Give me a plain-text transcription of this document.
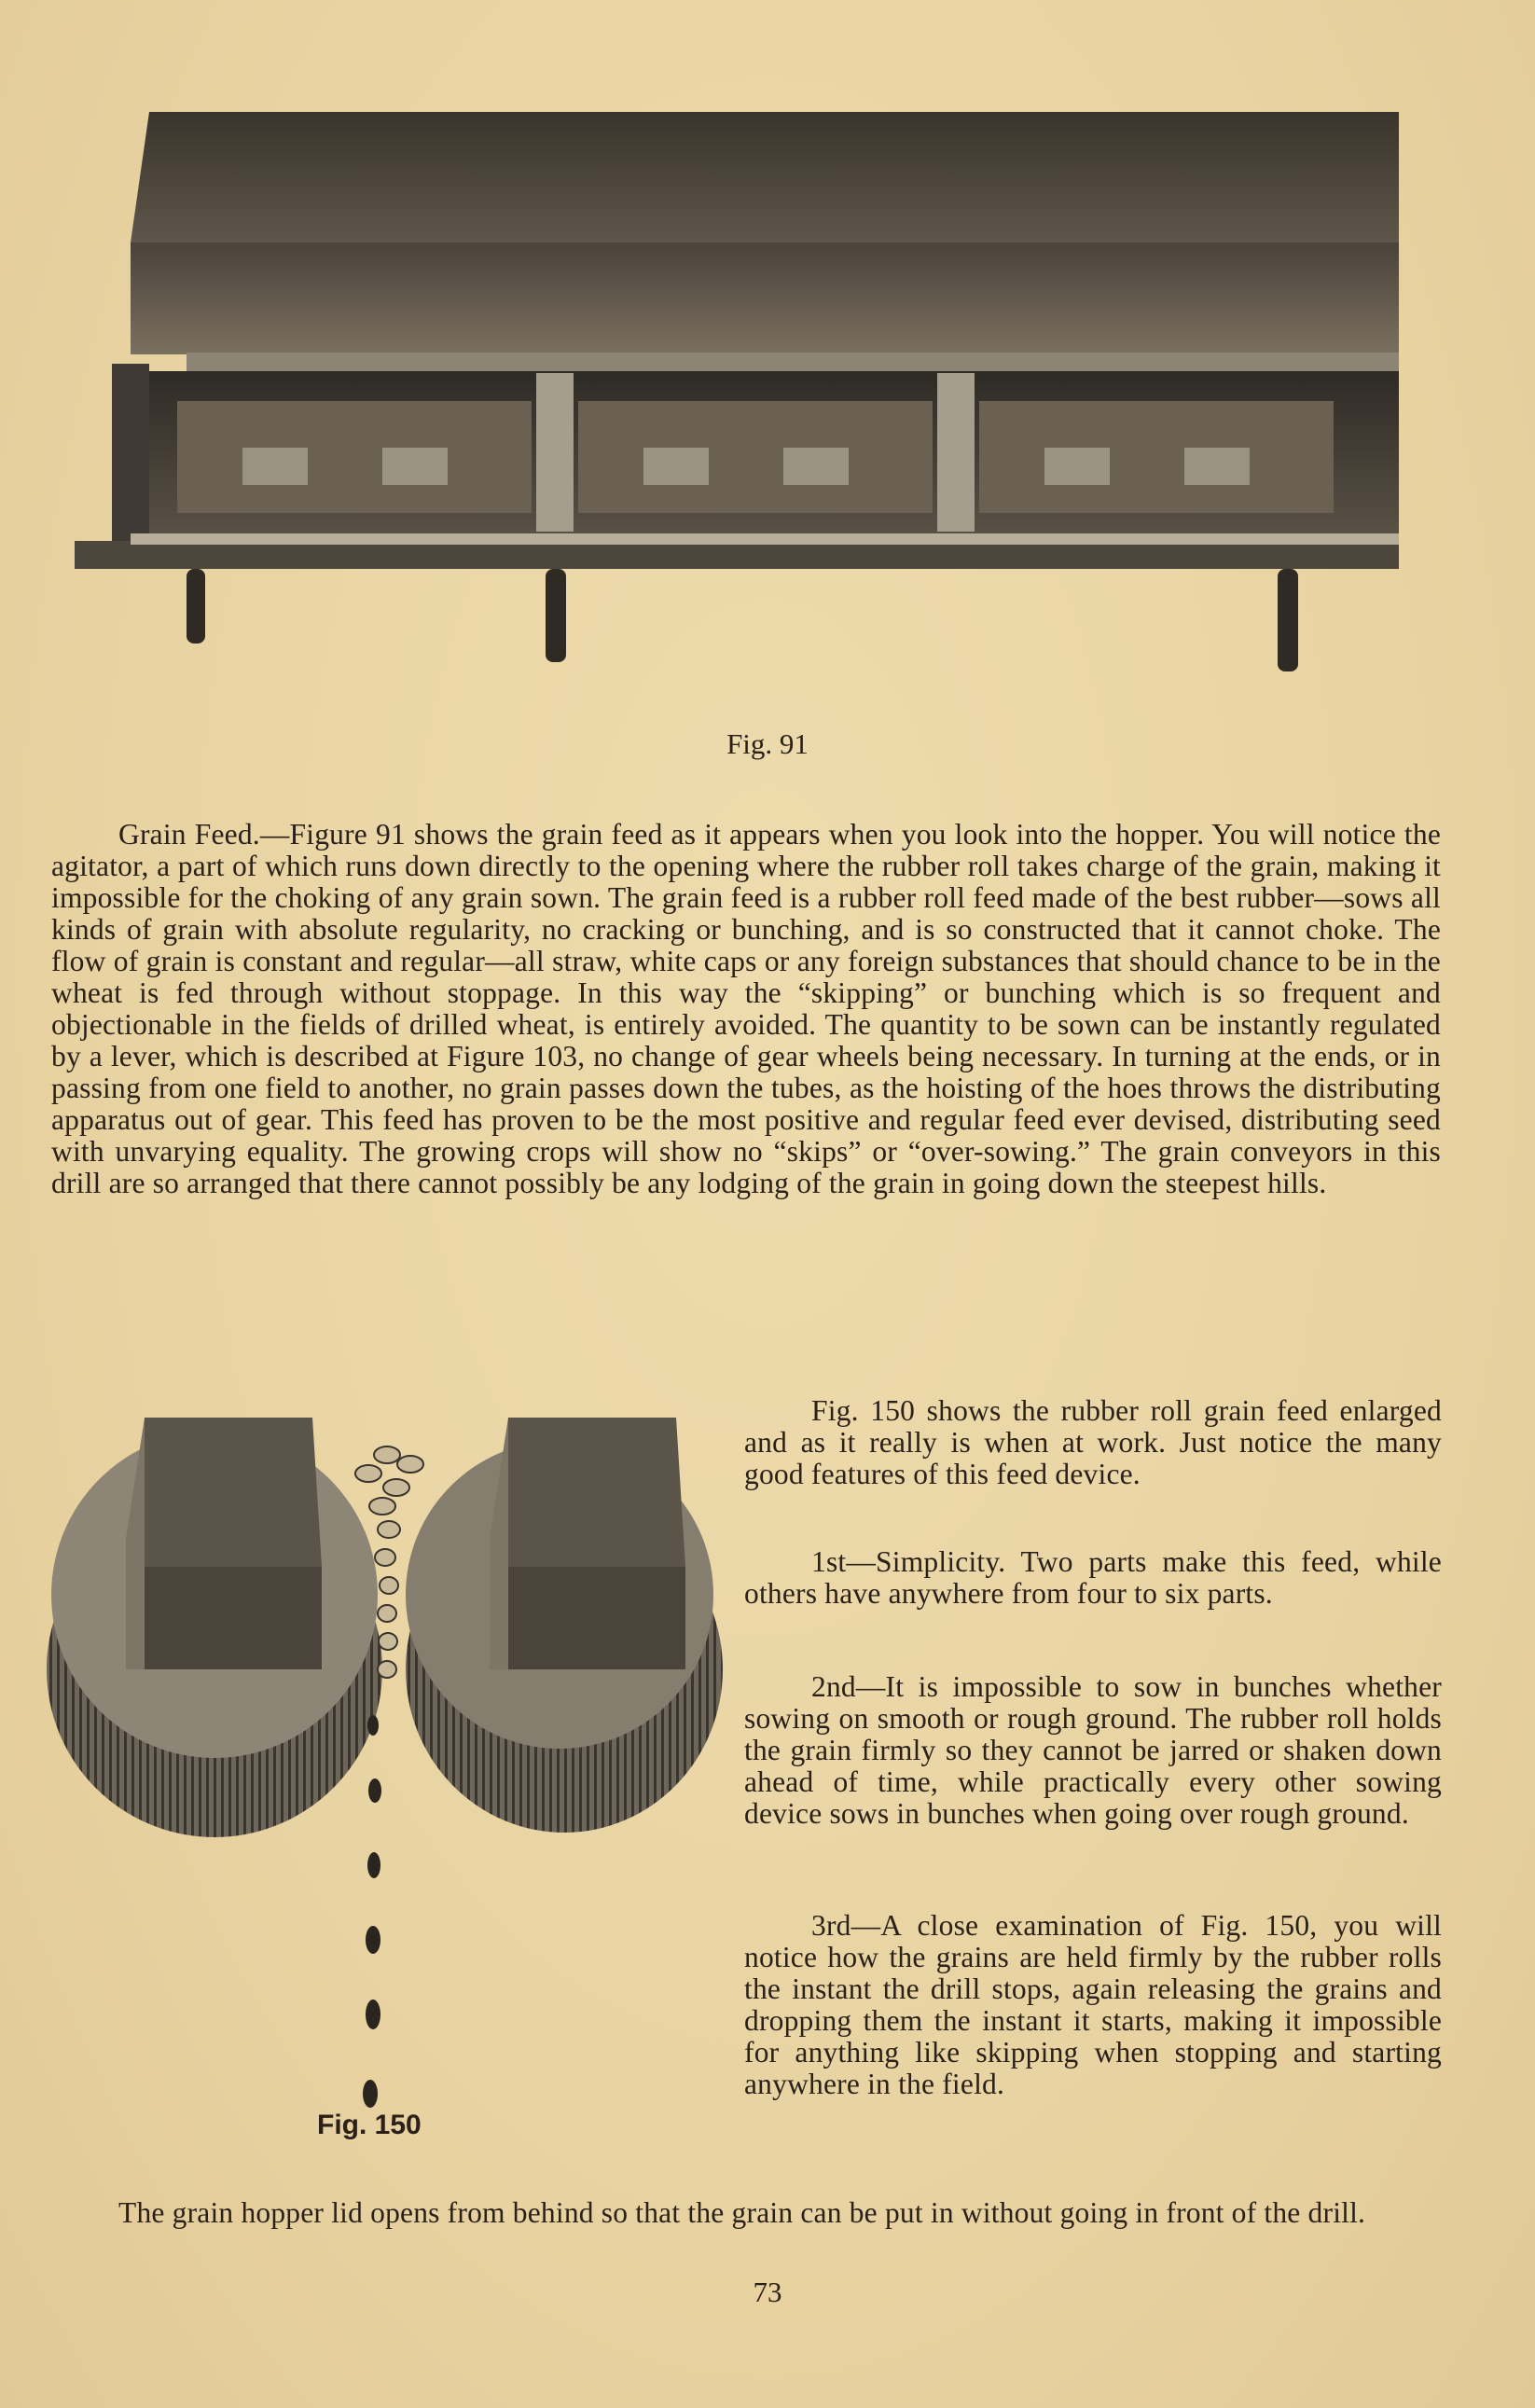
Fig. 91

Grain Feed.—Figure 91 shows the grain feed as it appears when you look into the hopper. You will notice the agitator, a part of which runs down directly to the opening where the rubber roll takes charge of the grain, making it impossible for the choking of any grain sown. The grain feed is a rubber roll feed made of the best rubber—sows all kinds of grain with absolute regularity, no cracking or bunching, and is so constructed that it cannot choke. The flow of grain is constant and regular—all straw, white caps or any foreign substances that should chance to be in the wheat is fed through without stoppage. In this way the “skipping” or bunching which is so frequent and objectionable in the fields of drilled wheat, is entirely avoided. The quantity to be sown can be instantly regulated by a lever, which is described at Figure 103, no change of gear wheels being necessary. In turning at the ends, or in passing from one field to another, no grain passes down the tubes, as the hoisting of the hoes throws the distributing apparatus out of gear. This feed has proven to be the most positive and regular feed ever devised, distributing seed with unvarying equality. The growing crops will show no “skips” or “over-sowing.” The grain conveyors in this drill are so arranged that there cannot possibly be any lodging of the grain in going down the steepest hills.

Fig. 150

Fig. 150 shows the rubber roll grain feed enlarged and as it really is when at work. Just notice the many good features of this feed device.

1st—Simplicity. Two parts make this feed, while others have anywhere from four to six parts.

2nd—It is impossible to sow in bunches whether sowing on smooth or rough ground. The rubber roll holds the grain firmly so they cannot be jarred or shaken down ahead of time, while practically every other sowing device sows in bunches when going over rough ground.

3rd—A close examination of Fig. 150, you will notice how the grains are held firmly by the rubber rolls the instant the drill stops, again releasing the grains and dropping them the instant it starts, making it impossible for anything like skipping when stopping and starting anywhere in the field.

The grain hopper lid opens from behind so that the grain can be put in without going in front of the drill.

73
